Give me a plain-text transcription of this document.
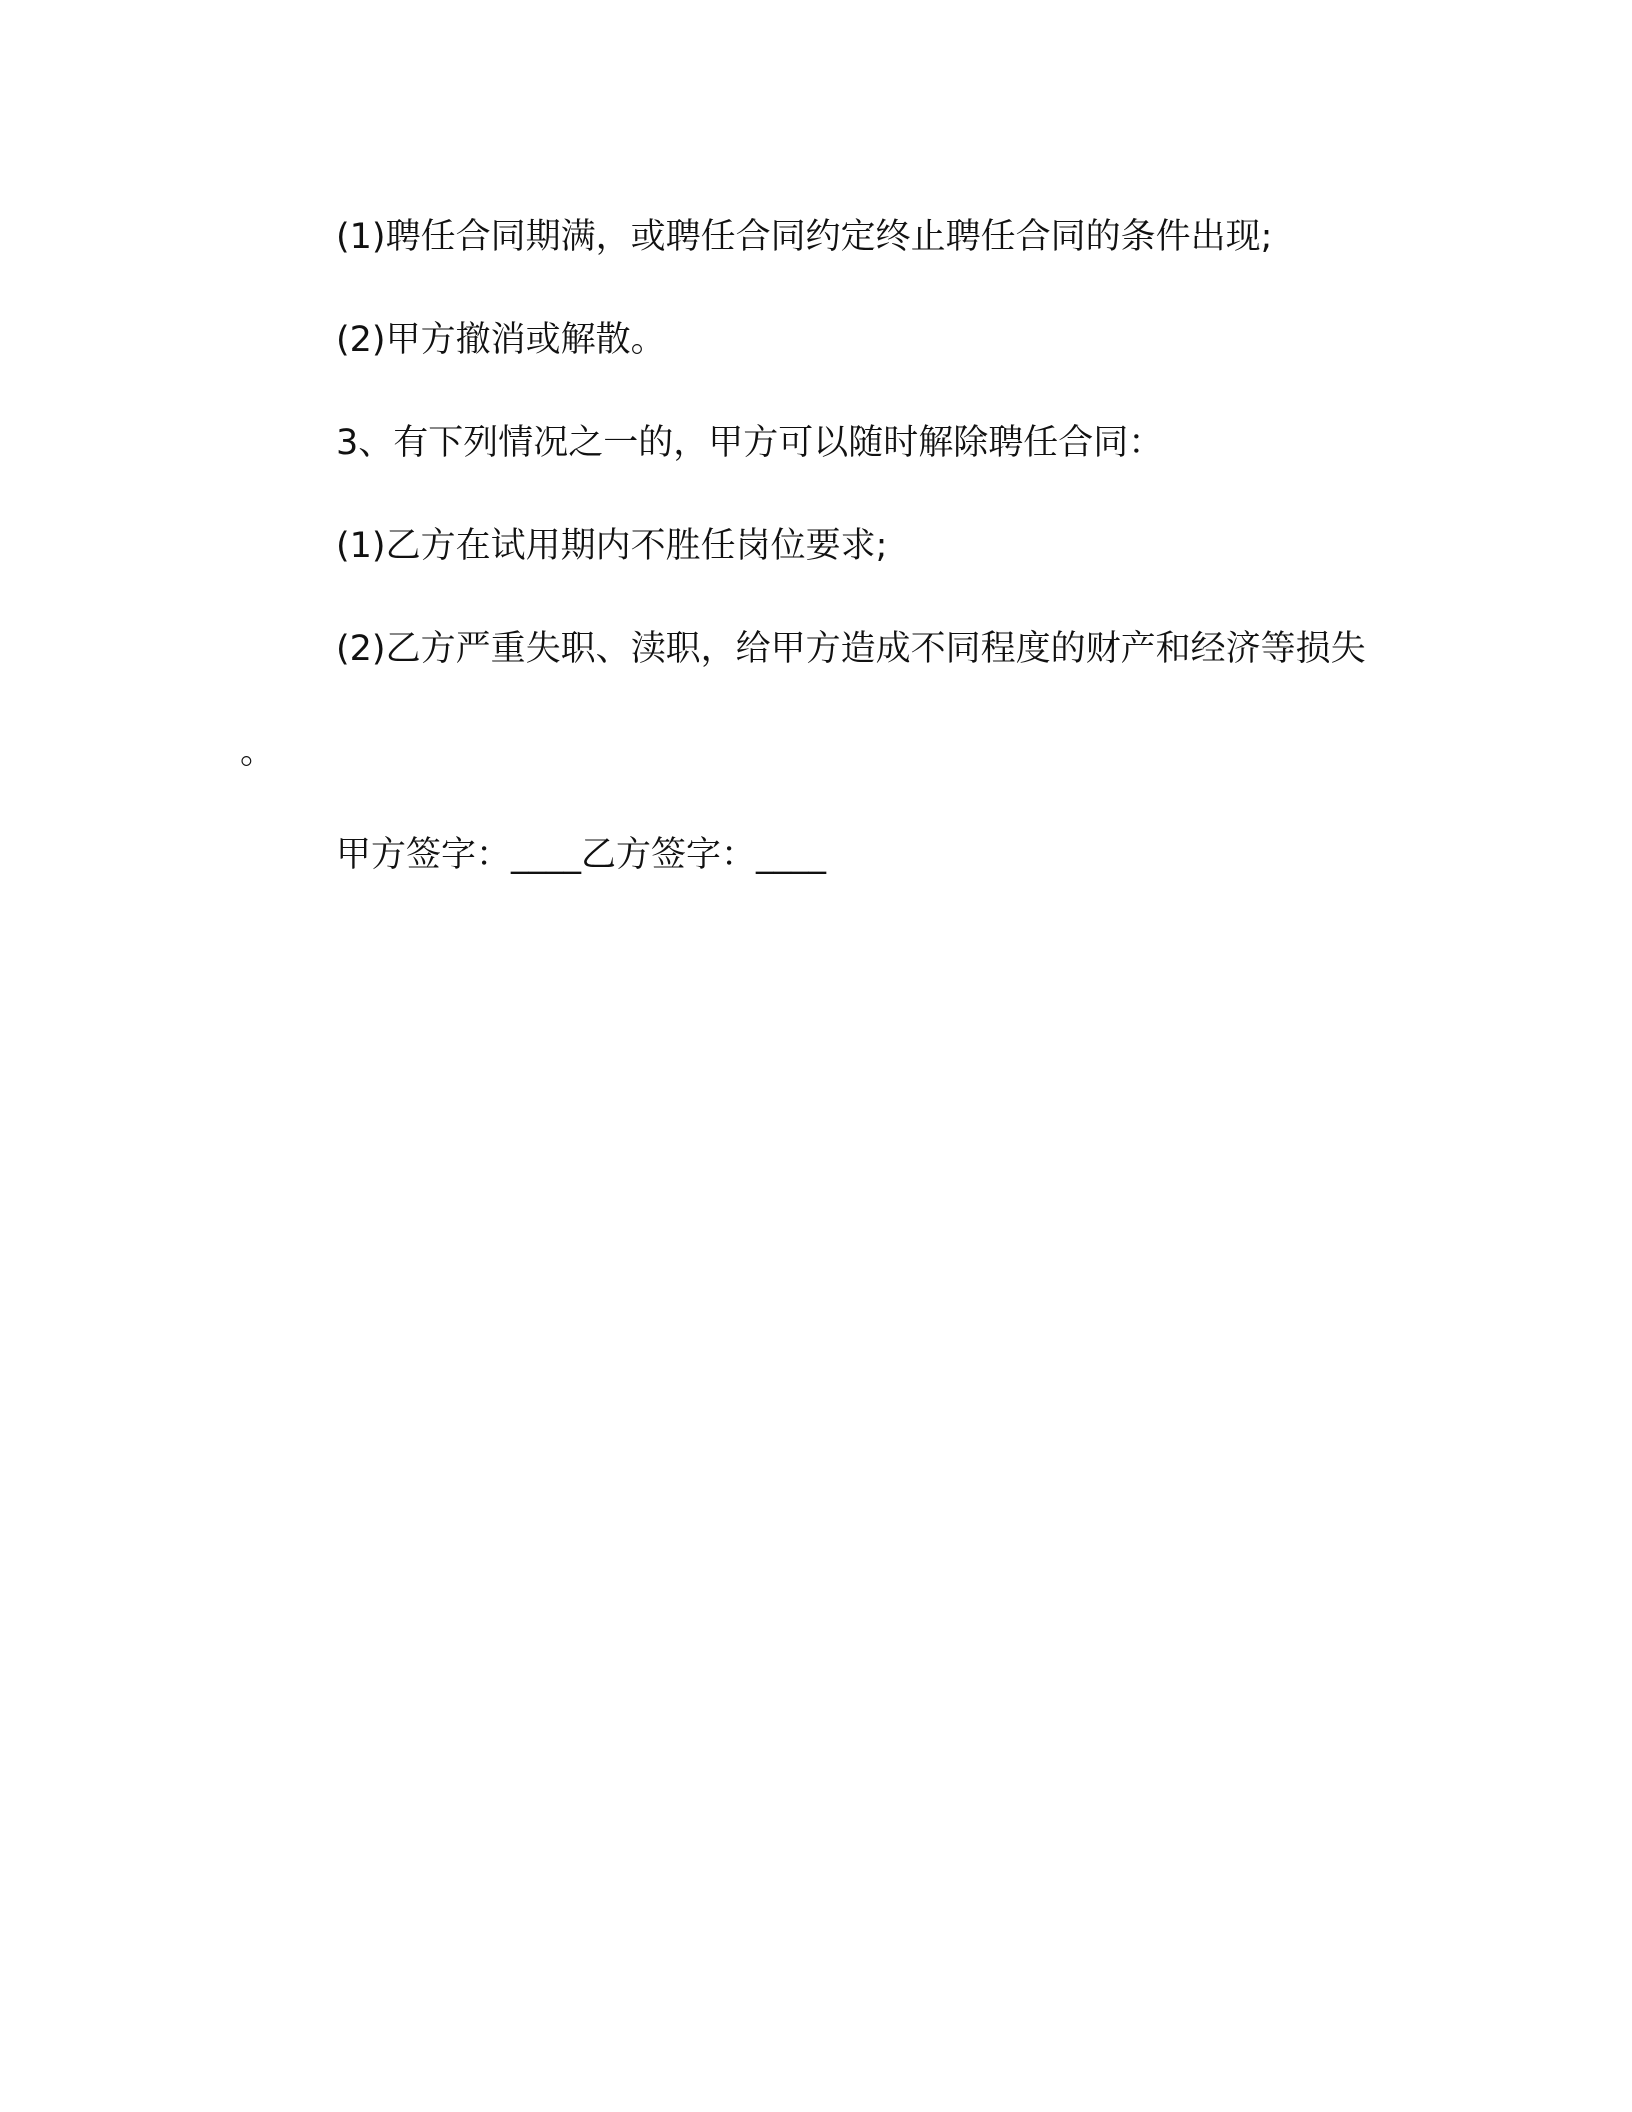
(1)聘任合同期满，或聘任合同约定终止聘任合同的条件出现;

(2)甲方撤消或解散。

3、有下列情况之一的，甲方可以随时解除聘任合同：

(1)乙方在试用期内不胜任岗位要求;

(2)乙方严重失职、渎职，给甲方造成不同程度的财产和经济等损失。

甲方签字：____乙方签字：____
